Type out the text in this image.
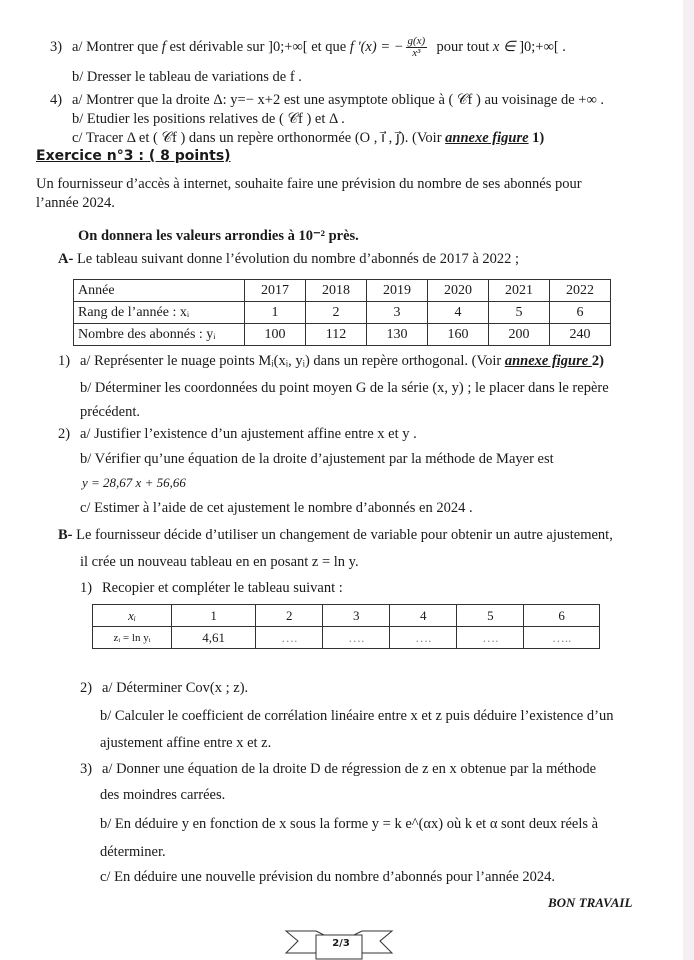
3) a/ Montrer que f est dérivable sur ]0;+∞[ et que f '(x) = − $\frac{g(x)}{\text{x³}}$ pour tout x ∈ ]0;+∞[ .
b/ Dresser le tableau de variations de f .
4) a/ Montrer que la droite Δ: y=− x+2 est une asymptote oblique à ( 𝒞f ) au voisinage de +∞ .
b/ Etudier les positions relatives de ( 𝒞f ) et Δ .
c/ Tracer Δ et ( 𝒞f ) dans un repère orthonormée (O , ı⃗ , ȷ⃗). (Voir annexe figure 1)
Exercice n°3 : ( 8 points)
Un fournisseur d’accès à internet, souhaite faire une prévision du nombre de ses abonnés pour
l’année 2024.
On donnera les valeurs arrondies à 10⁻² près.
A- Le tableau suivant donne l’évolution du nombre d’abonnés de 2017 à 2022 ;
Année	2017	2018	2019	2020	2021	2022
Rang de l’année : xᵢ	1	2	3	4	5	6
Nombre des abonnés : yᵢ	100	112	130	160	200	240
1) a/ Représenter le nuage points Mᵢ(xᵢ, yᵢ) dans un repère orthogonal. (Voir annexe figure 2)
b/ Déterminer les coordonnées du point moyen G de la série (x, y) ; le placer dans le repère
précédent.
2) a/ Justifier l’existence d’un ajustement affine entre x et y .
b/ Vérifier qu’une équation de la droite d’ajustement par la méthode de Mayer est
y = 28,67 x + 56,66
c/ Estimer à l’aide de cet ajustement le nombre d’abonnés en 2024 .
B- Le fournisseur décide d’utiliser un changement de variable pour obtenir un autre ajustement,
il crée un nouveau tableau en en posant z = ln y.
1) Recopier et compléter le tableau suivant :
xᵢ	1	2	3	4	5	6
zᵢ = ln yᵢ	4,61	….	….	….	….	…..
2) a/ Déterminer Cov(x ; z).
b/ Calculer le coefficient de corrélation linéaire entre x et z puis déduire l’existence d’un
ajustement affine entre x et z.
3) a/ Donner une équation de la droite D de régression de z en x obtenue par la méthode
des moindres carrées.
b/ En déduire y en fonction de x sous la forme y = k e^(αx) où k et α sont deux réels à
déterminer.
c/ En déduire une nouvelle prévision du nombre d’abonnés pour l’année 2024.
BON TRAVAIL
2/3
